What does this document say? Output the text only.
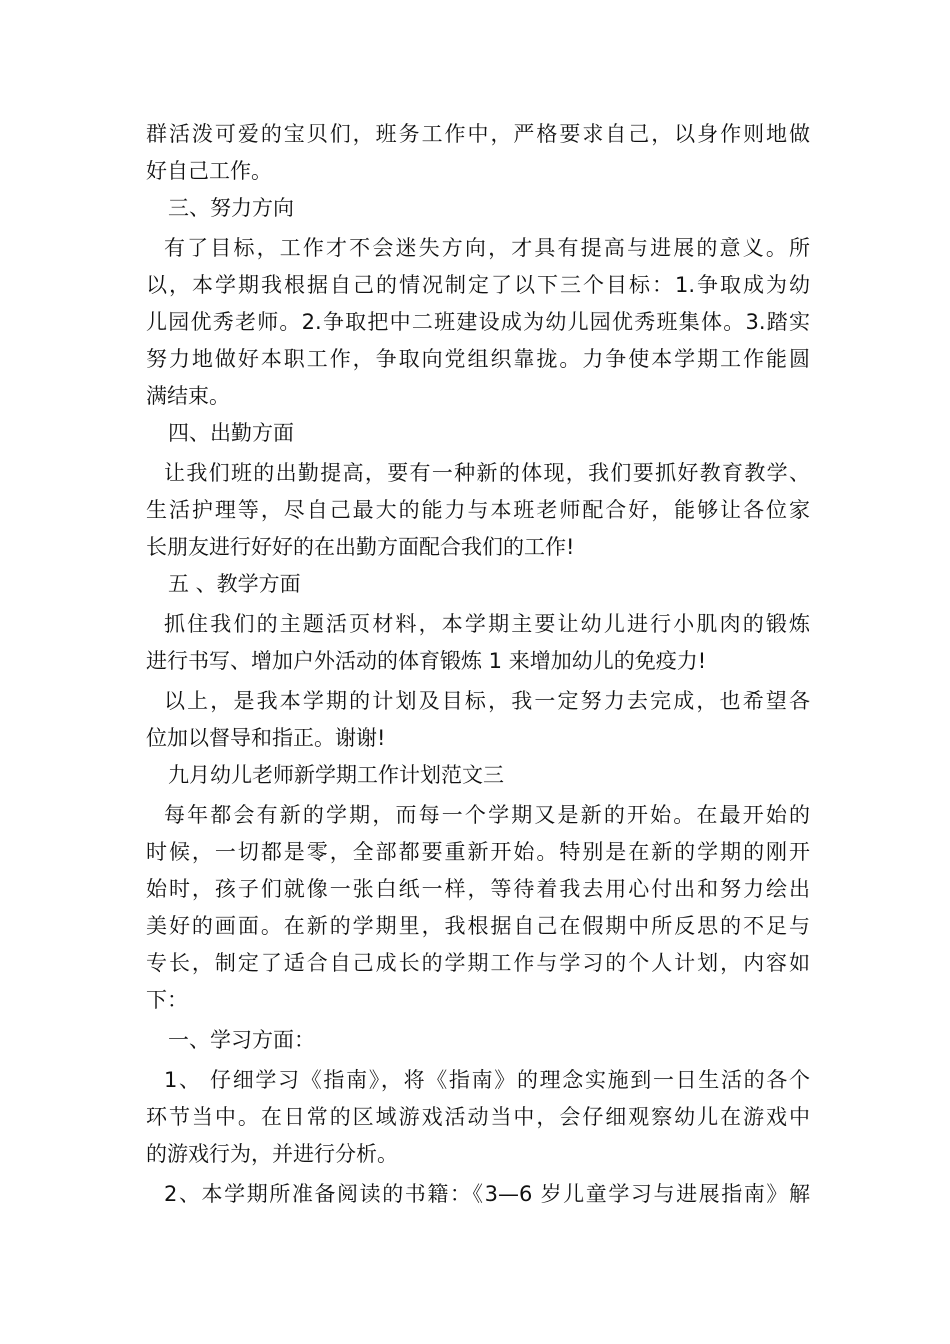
群活泼可爱的宝贝们，班务工作中，严格要求自己，以身作则地做
好自己工作。
三、努力方向
有了目标，工作才不会迷失方向，才具有提高与进展的意义。所
以，本学期我根据自己的情况制定了以下三个目标：1.争取成为幼
儿园优秀老师。2.争取把中二班建设成为幼儿园优秀班集体。3.踏实
努力地做好本职工作，争取向党组织靠拢。力争使本学期工作能圆
满结束。
四、出勤方面
让我们班的出勤提高，要有一种新的体现，我们要抓好教育教学、
生活护理等，尽自己最大的能力与本班老师配合好，能够让各位家
长朋友进行好好的在出勤方面配合我们的工作!
五 、教学方面
抓住我们的主题活页材料，本学期主要让幼儿进行小肌肉的锻炼
进行书写、增加户外活动的体育锻炼 1 来增加幼儿的免疫力!
以上，是我本学期的计划及目标，我一定努力去完成，也希望各
位加以督导和指正。谢谢!
九月幼儿老师新学期工作计划范文三
每年都会有新的学期，而每一个学期又是新的开始。在最开始的
时候，一切都是零，全部都要重新开始。特别是在新的学期的刚开
始时，孩子们就像一张白纸一样，等待着我去用心付出和努力绘出
美好的画面。在新的学期里，我根据自己在假期中所反思的不足与
专长，制定了适合自己成长的学期工作与学习的个人计划，内容如
下：
一、学习方面：
1、 仔细学习《指南》，将《指南》的理念实施到一日生活的各个
环节当中。在日常的区域游戏活动当中，会仔细观察幼儿在游戏中
的游戏行为，并进行分析。
2、本学期所准备阅读的书籍：《3—6 岁儿童学习与进展指南》解
